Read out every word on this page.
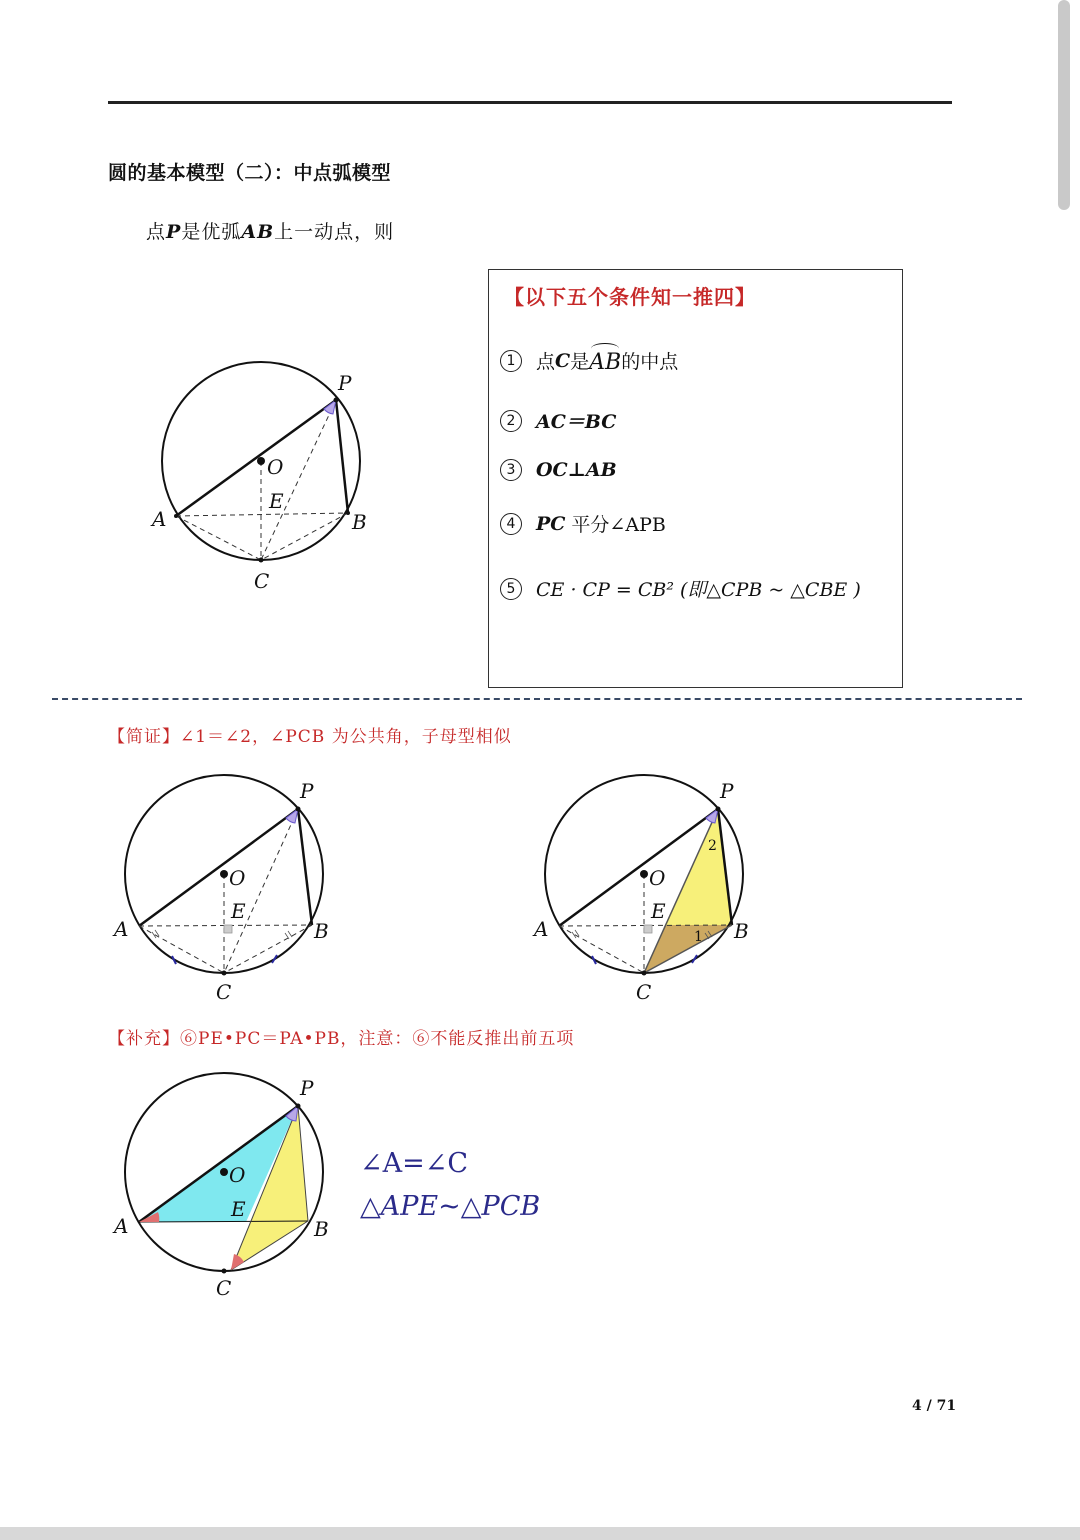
圆的基本模型（二）：中点弧模型
点P是优弧AB上一动点，则
P
O
E
A	B
C
【以下五个条件知一推四】
1	点 C 是 AB 的中点
2	AC＝BC
3	OC⊥AB
4	PC 平分∠APB
5	CE · CP = CB² (即△CPB ~ △CBE )
【简证】∠1＝∠2，∠PCB 为公共角，子母型相似
P
O
E
A	B
C
P
O
E
A	B
C
2
1
【补充】⑥PE•PC＝PA•PB，注意：⑥不能反推出前五项
P
O
E
A	B
C
∠A=∠C
△APE~△PCB
4 / 71
